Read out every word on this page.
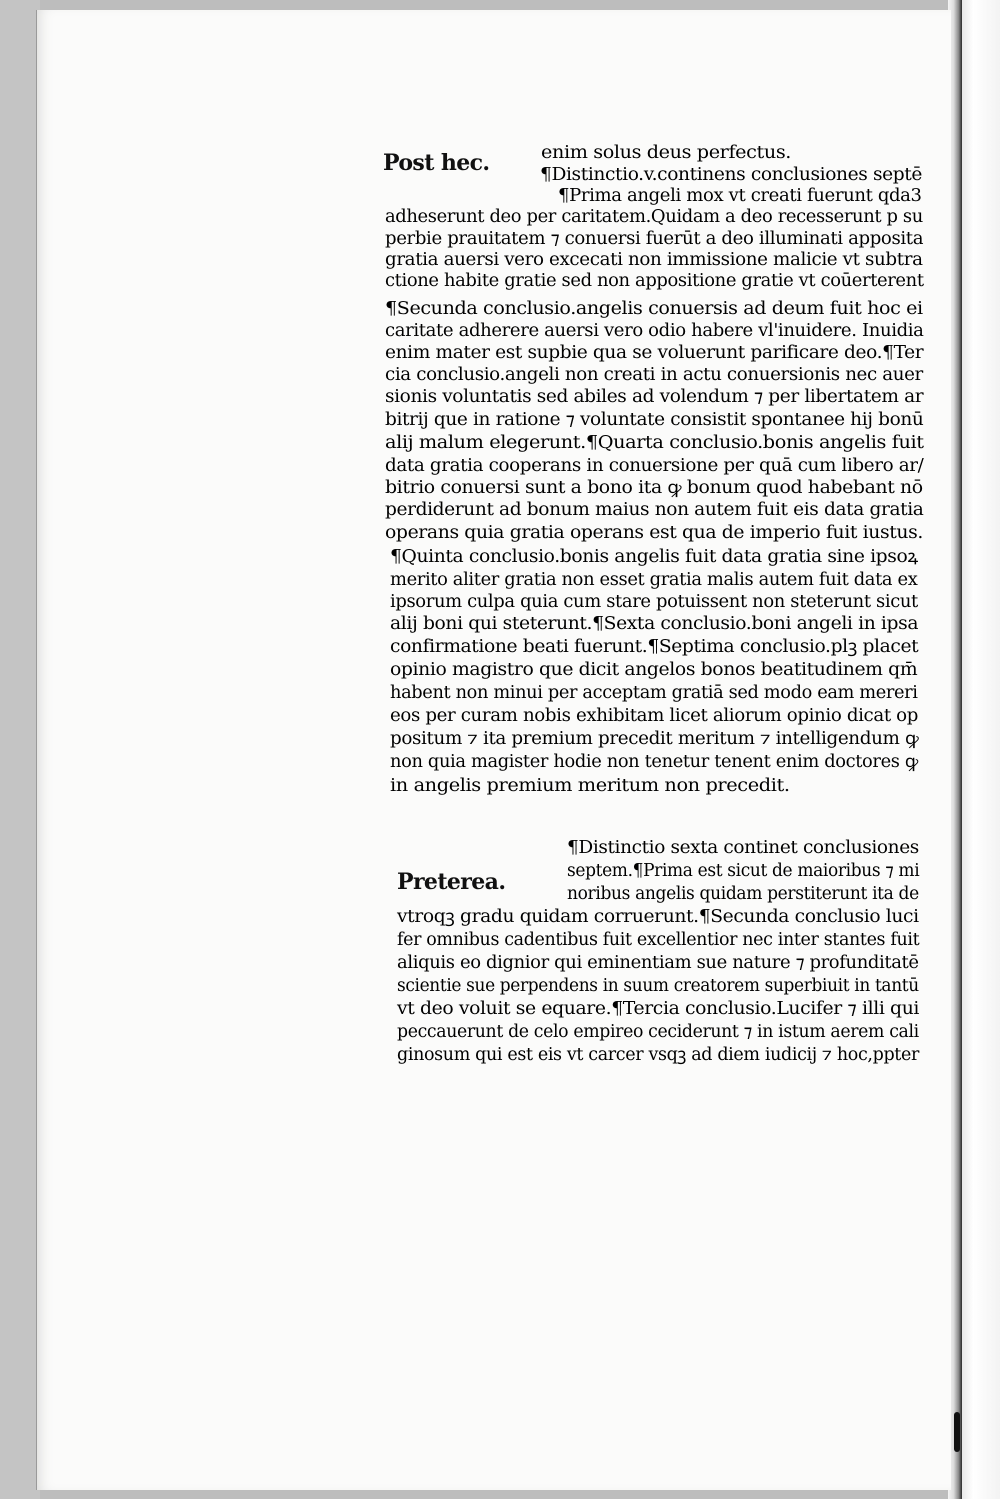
Post hec.
Preterea.
enim solus deus perfectus.
¶Distinctio.v.continens conclusiones septē
¶Prima angeli mox vt creati fuerunt qda3
adheserunt deo per caritatem.Quidam a deo recesserunt p su
perbie prauitatem ⁊ conuersi fuerūt a deo illuminati apposita
gratia auersi vero excecati non immissione malicie vt subtra
ctione habite gratie sed non appositione gratie vt coūerterent
¶Secunda conclusio.angelis conuersis ad deum fuit hoc ei
caritate adherere auersi vero odio habere vl'inuidere. Inuidia
enim mater est supbie qua se voluerunt parificare deo.¶Ter
cia conclusio.angeli non creati in actu conuersionis nec auer
sionis voluntatis sed abiles ad volendum ⁊ per libertatem ar
bitrij que in ratione ⁊ voluntate consistit spontanee hij bonū
alij malum elegerunt.¶Quarta conclusio.bonis angelis fuit
data gratia cooperans in conuersione per quā cum libero ar/
bitrio conuersi sunt a bono ita ꝙ bonum quod habebant nō
perdiderunt ad bonum maius non autem fuit eis data gratia
operans quia gratia operans est qua de imperio fuit iustus.
¶Quinta conclusio.bonis angelis fuit data gratia sine ipsoꝝ
merito aliter gratia non esset gratia malis autem fuit data ex
ipsorum culpa quia cum stare potuissent non steterunt sicut
alij boni qui steterunt.¶Sexta conclusio.boni angeli in ipsa
confirmatione beati fuerunt.¶Septima conclusio.plꝫ placet
opinio magistro que dicit angelos bonos beatitudinem qm̄
habent non minui per acceptam gratiā sed modo eam mereri
eos per curam nobis exhibitam licet aliorum opinio dicat op
positum ⁊ ita premium precedit meritum ⁊ intelligendum ꝙ
non quia magister hodie non tenetur tenent enim doctores ꝙ
in angelis premium meritum non precedit.
¶Distinctio sexta continet conclusiones
septem.¶Prima est sicut de maioribus ⁊ mi
noribus angelis quidam perstiterunt ita de
vtroqꝫ gradu quidam corruerunt.¶Secunda conclusio luci
fer omnibus cadentibus fuit excellentior nec inter stantes fuit
aliquis eo dignior qui eminentiam sue nature ⁊ profunditatē
scientie sue perpendens in suum creatorem superbiuit in tantū
vt deo voluit se equare.¶Tercia conclusio.Lucifer ⁊ illi qui
peccauerunt de celo empireo ceciderunt ⁊ in istum aerem cali
ginosum qui est eis vt carcer vsqꝫ ad diem iudicij ⁊ hoc,ppter
